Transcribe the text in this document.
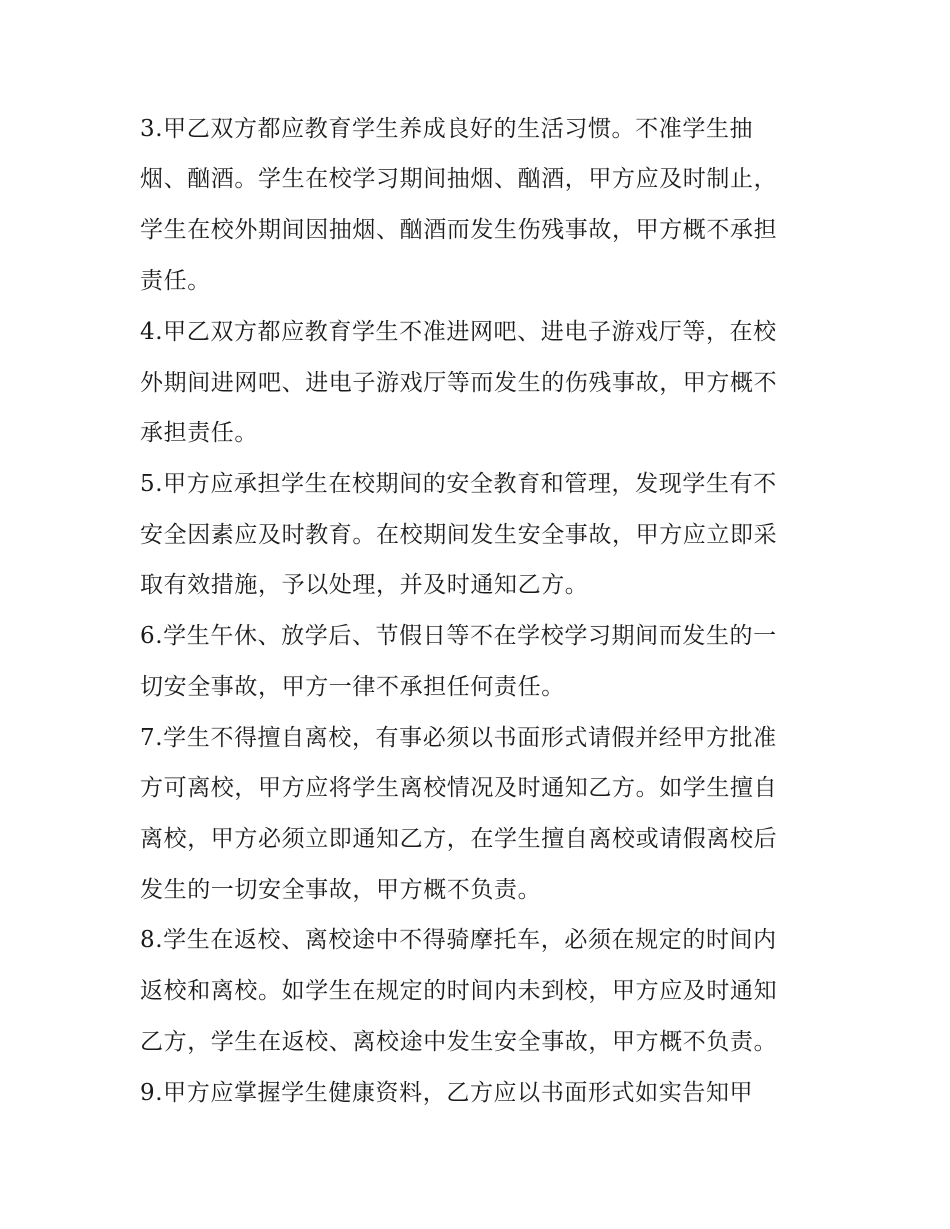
3.甲乙双方都应教育学生养成良好的生活习惯。不准学生抽
烟、酗酒。学生在校学习期间抽烟、酗酒，甲方应及时制止，
学生在校外期间因抽烟、酗酒而发生伤残事故，甲方概不承担
责任。
4.甲乙双方都应教育学生不准进网吧、进电子游戏厅等，在校
外期间进网吧、进电子游戏厅等而发生的伤残事故，甲方概不
承担责任。
5.甲方应承担学生在校期间的安全教育和管理，发现学生有不
安全因素应及时教育。在校期间发生安全事故，甲方应立即采
取有效措施，予以处理，并及时通知乙方。
6.学生午休、放学后、节假日等不在学校学习期间而发生的一
切安全事故，甲方一律不承担任何责任。
7.学生不得擅自离校，有事必须以书面形式请假并经甲方批准
方可离校，甲方应将学生离校情况及时通知乙方。如学生擅自
离校，甲方必须立即通知乙方，在学生擅自离校或请假离校后
发生的一切安全事故，甲方概不负责。
8.学生在返校、离校途中不得骑摩托车，必须在规定的时间内
返校和离校。如学生在规定的时间内未到校，甲方应及时通知
乙方，学生在返校、离校途中发生安全事故，甲方概不负责。
9.甲方应掌握学生健康资料，乙方应以书面形式如实告知甲
